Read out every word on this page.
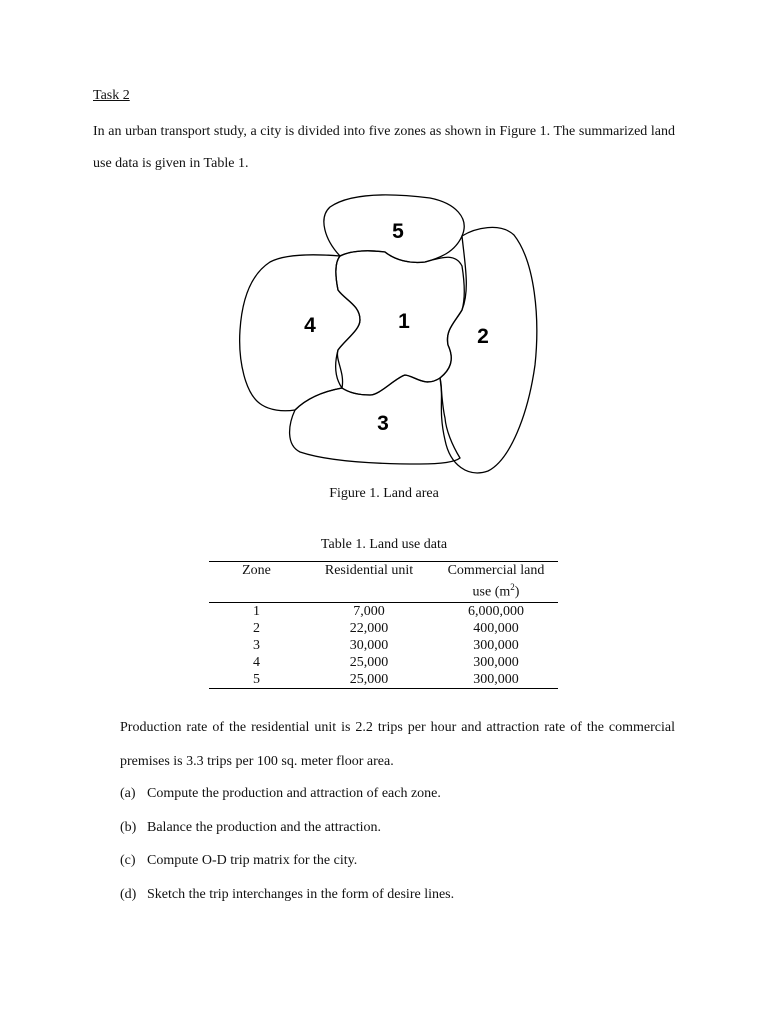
Task 2
In an urban transport study, a city is divided into five zones as shown in Figure 1. The summarized land use data is given in Table 1.
5
4	1
2
3
Figure 1. Land area
Table 1. Land use data
Zone	Residential unit	Commercial land
use $(m^2)$
1	7,000	6,000,000
2	22,000	400,000
3	30,000	300,000
4	25,000	300,000
5	25,000	300,000
Production rate of the residential unit is 2.2 trips per hour and attraction rate of the commercial premises is 3.3 trips per 100 sq. meter floor area.
(a) Compute the production and attraction of each zone.
(b) Balance the production and the attraction.
(c) Compute O-D trip matrix for the city.
(d) Sketch the trip interchanges in the form of desire lines.
